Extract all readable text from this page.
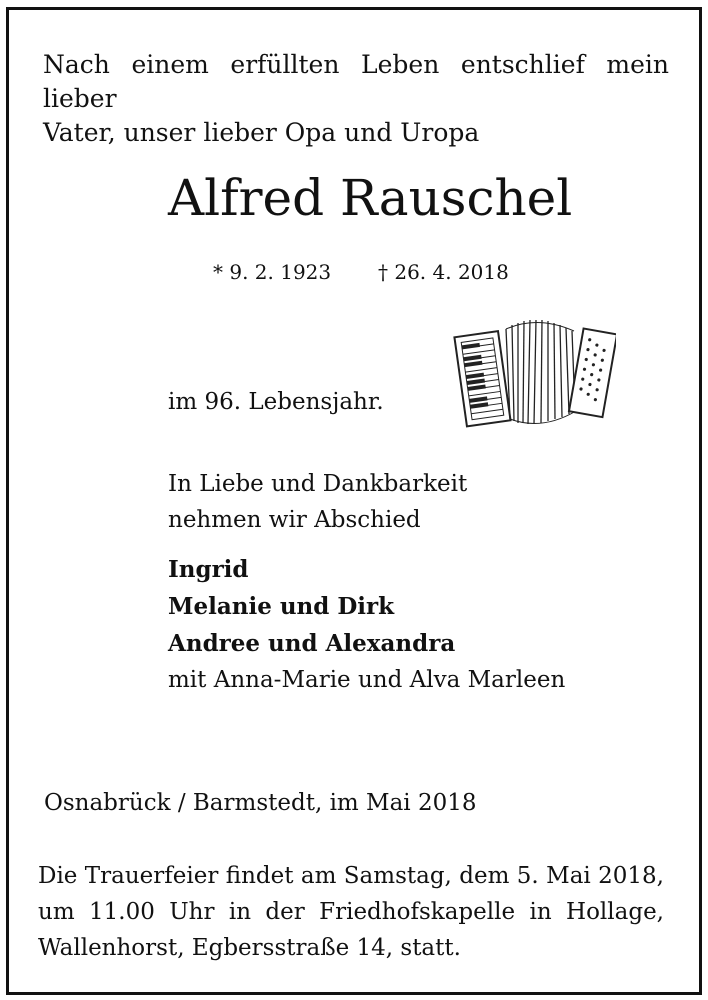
Nach einem erfüllten Leben entschlief mein lieber
Vater, unser lieber Opa und Uropa
Alfred Rauschel
* 9. 2. 1923 † 26. 4. 2018
im 96. Lebensjahr.
In Liebe und Dankbarkeit
nehmen wir Abschied
Ingrid
Melanie und Dirk
Andree und Alexandra
mit Anna-Marie und Alva Marleen
Osnabrück / Barmstedt, im Mai 2018
Die Trauerfeier findet am Samstag, dem 5. Mai 2018,
um 11.00 Uhr in der Friedhofskapelle in Hollage,
Wallenhorst, Egbersstraße 14, statt.
